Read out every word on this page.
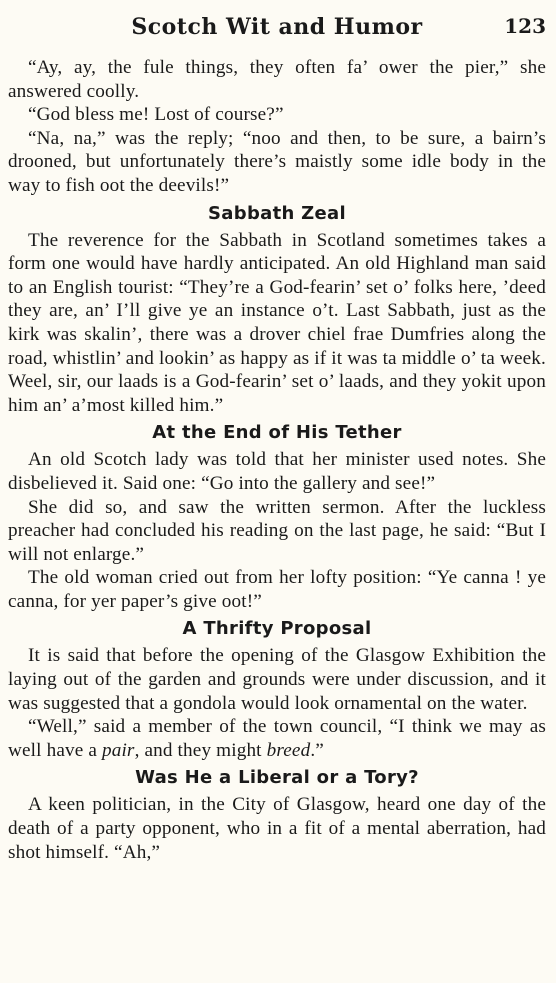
Scotch Wit and Humor	123

“Ay, ay, the fule things, they often fa’ ower the pier,” she answered coolly.

“God bless me! Lost of course?”

“Na, na,” was the reply; “noo and then, to be sure, a bairn’s drooned, but unfortunately there’s maistly some idle body in the way to fish oot the deevils!”

Sabbath Zeal

The reverence for the Sabbath in Scotland sometimes takes a form one would have hardly anticipated. An old Highland man said to an English tourist: “They’re a God-fearin’ set o’ folks here, ’deed they are, an’ I’ll give ye an instance o’t. Last Sabbath, just as the kirk was skalin’, there was a drover chiel frae Dumfries along the road, whistlin’ and lookin’ as happy as if it was ta middle o’ ta week. Weel, sir, our laads is a God-fearin’ set o’ laads, and they yokit upon him an’ a’most killed him.”

At the End of His Tether

An old Scotch lady was told that her minister used notes. She disbelieved it. Said one: “Go into the gallery and see!”

She did so, and saw the written sermon. After the luckless preacher had concluded his reading on the last page, he said: “But I will not enlarge.”

The old woman cried out from her lofty position: “Ye canna ! ye canna, for yer paper’s give oot!”

A Thrifty Proposal

It is said that before the opening of the Glasgow Exhibition the laying out of the garden and grounds were under discussion, and it was suggested that a gondola would look ornamental on the water.

“Well,” said a member of the town council, “I think we may as well have a pair, and they might breed.”

Was He a Liberal or a Tory?

A keen politician, in the City of Glasgow, heard one day of the death of a party opponent, who in a fit of a mental aberration, had shot himself. “Ah,”
